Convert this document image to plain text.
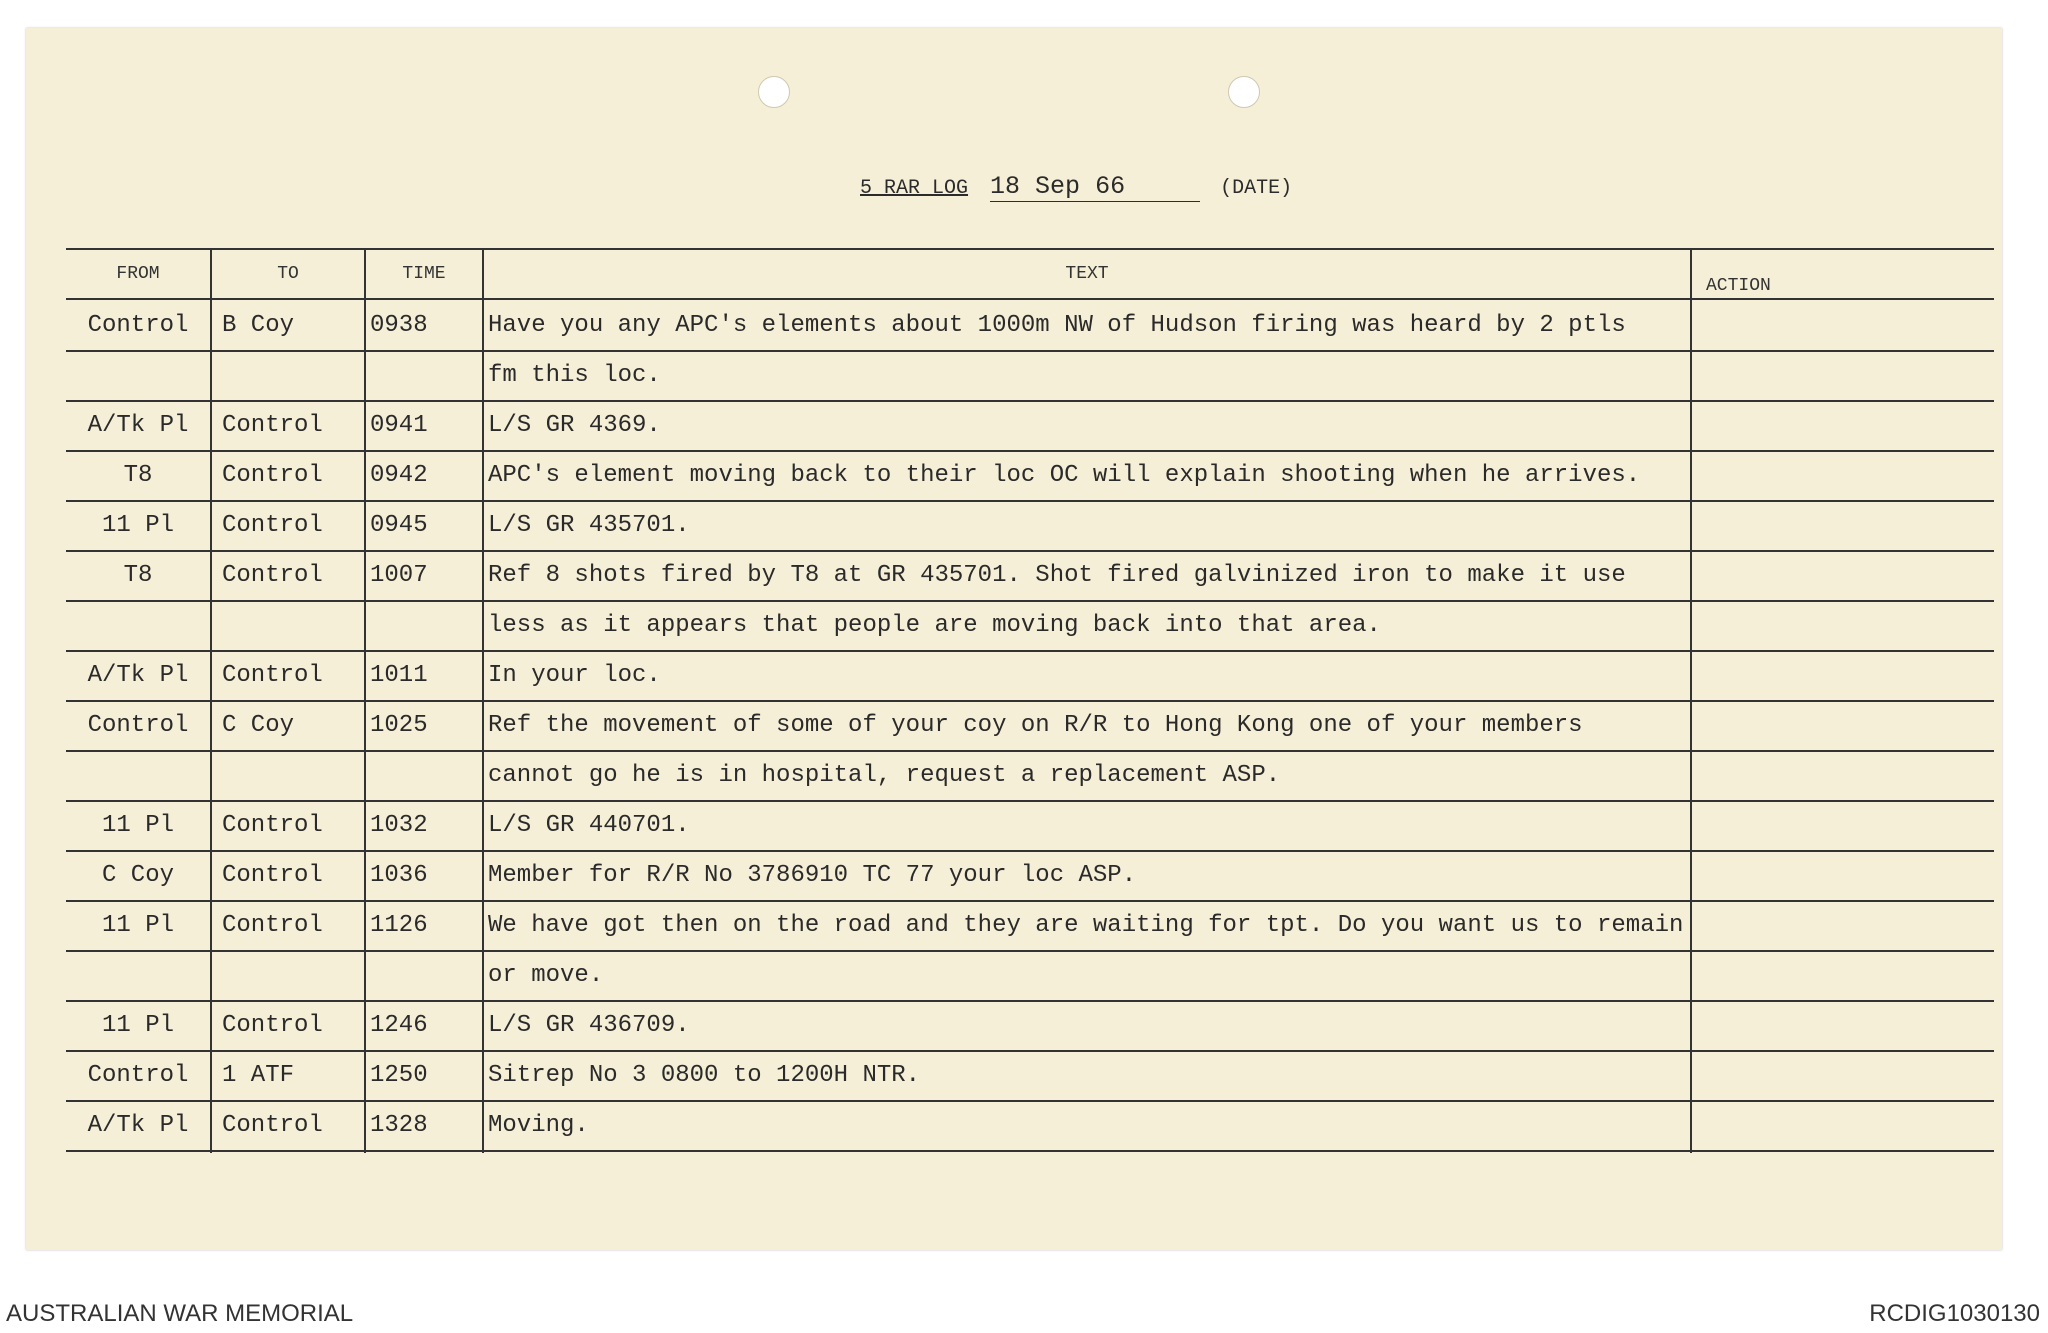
5 RAR LOG 18 Sep 66	(DATE)
FROM	TO	TIME	TEXT
ACTION
Control	B Coy	0938	Have you any APC's elements about 1000m NW of Hudson firing was heard by 2 ptls
fm this loc.
A/Tk Pl	Control	0941	L/S GR 4369.
T8	Control	0942	APC's element moving back to their loc OC will explain shooting when he arrives.
11 Pl	Control	0945	L/S GR 435701.
T8	Control	1007	Ref 8 shots fired by T8 at GR 435701. Shot fired galvinized iron to make it use
less as it appears that people are moving back into that area.
A/Tk Pl	Control	1011	In your loc.
Control	C Coy	1025	Ref the movement of some of your coy on R/R to Hong Kong one of your members
cannot go he is in hospital, request a replacement ASP.
11 Pl	Control	1032	L/S GR 440701.
C Coy	Control	1036	Member for R/R No 3786910 TC 77 your loc ASP.
11 Pl	Control	1126	We have got then on the road and they are waiting for tpt. Do you want us to remain
or move.
11 Pl	Control	1246	L/S GR 436709.
Control	1 ATF	1250	Sitrep No 3 0800 to 1200H NTR.
A/Tk Pl	Control	1328	Moving.
AUSTRALIAN WAR MEMORIAL	RCDIG1030130
